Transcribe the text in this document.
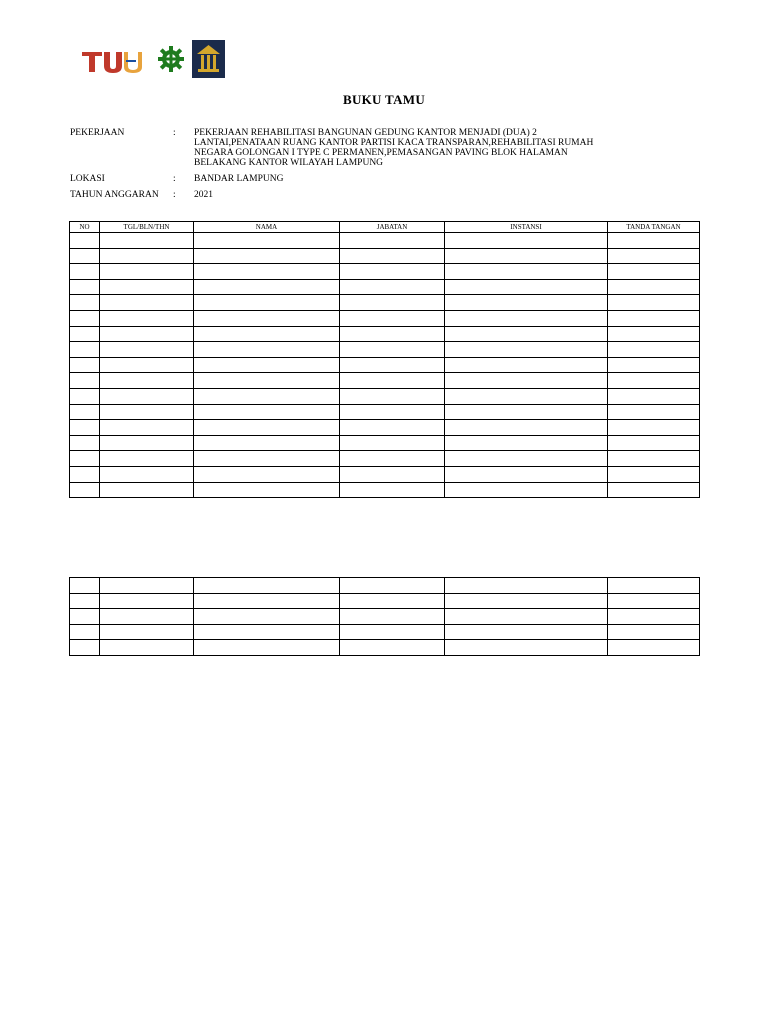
BUKU TAMU
PEKERJAAN	: PEKERJAAN REHABILITASI BANGUNAN GEDUNG KANTOR MENJADI (DUA) 2 LANTAI,PENATAAN RUANG KANTOR PARTISI KACA TRANSPARAN,REHABILITASI RUMAH NEGARA GOLONGAN I TYPE C PERMANEN,PEMASANGAN PAVING BLOK HALAMAN BELAKANG KANTOR WILAYAH LAMPUNG
LOKASI	: BANDAR LAMPUNG
TAHUN ANGGARAN : 2021
NO	TGL/BLN/THN	NAMA	JABATAN	INSTANSI	TANDA TANGAN
